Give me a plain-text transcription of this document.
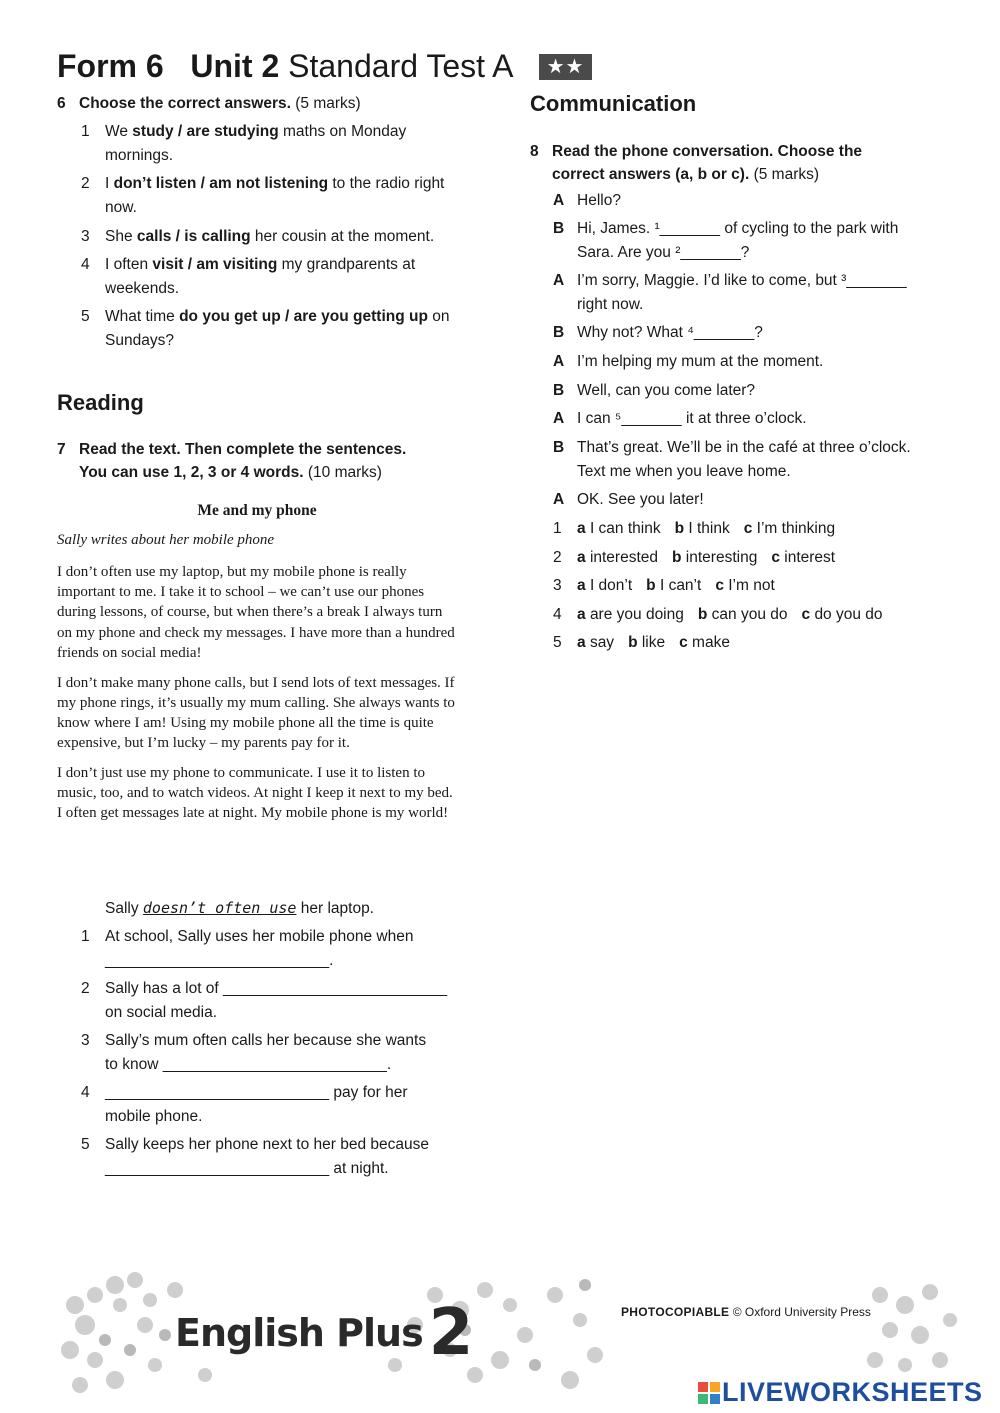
Form 6 Unit 2 Standard Test A ★★
6 Choose the correct answers. (5 marks)
1 We study / are studying maths on Monday mornings.
2 I don’t listen / am not listening to the radio right now.
3 She calls / is calling her cousin at the moment.
4 I often visit / am visiting my grandparents at weekends.
5 What time do you get up / are you getting up on Sundays?
Reading
7 Read the text. Then complete the sentences.
You can use 1, 2, 3 or 4 words. (10 marks)
Me and my phone
Sally writes about her mobile phone

I don’t often use my laptop, but my mobile phone is really important to me. I take it to school – we can’t use our phones during lessons, of course, but when there’s a break I always turn on my phone and check my messages. I have more than a hundred friends on social media!

I don’t make many phone calls, but I send lots of text messages. If my phone rings, it’s usually my mum calling. She always wants to know where I am! Using my mobile phone all the time is quite expensive, but I’m lucky – my parents pay for it.

I don’t just use my phone to communicate. I use it to listen to music, too, and to watch videos. At night I keep it next to my bed. I often get messages late at night. My mobile phone is my world!

Sally doesn’t often use her laptop.
1 At school, Sally uses her mobile phone when
__________________________.
2 Sally has a lot of __________________________
on social media.
3 Sally’s mum often calls her because she wants
to know __________________________.
4 __________________________ pay for her
mobile phone.
5 Sally keeps her phone next to her bed because
__________________________ at night.
Communication
8 Read the phone conversation. Choose the
correct answers (a, b or c). (5 marks)
A Hello?
B Hi, James. ¹_______ of cycling to the park with
Sara. Are you ²_______?
A I’m sorry, Maggie. I’d like to come, but ³_______
right now.
B Why not? What ⁴_______?
A I’m helping my mum at the moment.
B Well, can you come later?
A I can ⁵_______ it at three o’clock.
B That’s great. We’ll be in the café at three o’clock.
Text me when you leave home.
A OK. See you later!
1 a I can think b I think c I’m thinking
2 a interested b interesting c interest
3 a I don’t b I can’t c I’m not
4 a are you doing b can you do c do you do
5 a say b like c make
English Plus2	PHOTOCOPIABLE © Oxford University Press
LIVEWORKSHEETS
